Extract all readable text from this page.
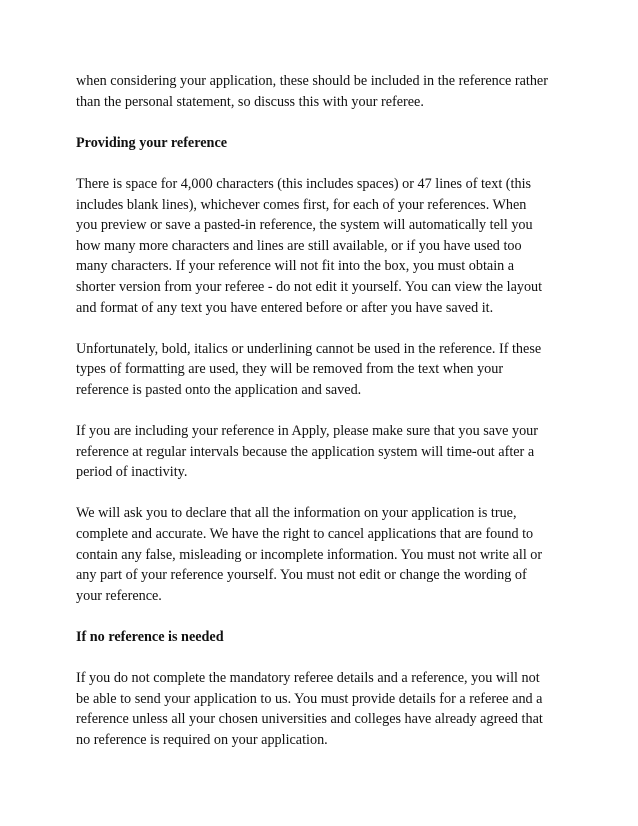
when considering your application, these should be included in the reference rather
than the personal statement, so discuss this with your referee.

Providing your reference

There is space for 4,000 characters (this includes spaces) or 47 lines of text (this
includes blank lines), whichever comes first, for each of your references. When
you preview or save a pasted-in reference, the system will automatically tell you
how many more characters and lines are still available, or if you have used too
many characters. If your reference will not fit into the box, you must obtain a
shorter version from your referee - do not edit it yourself. You can view the layout
and format of any text you have entered before or after you have saved it.

Unfortunately, bold, italics or underlining cannot be used in the reference. If these
types of formatting are used, they will be removed from the text when your
reference is pasted onto the application and saved.

If you are including your reference in Apply, please make sure that you save your
reference at regular intervals because the application system will time-out after a
period of inactivity.

We will ask you to declare that all the information on your application is true,
complete and accurate. We have the right to cancel applications that are found to
contain any false, misleading or incomplete information. You must not write all or
any part of your reference yourself. You must not edit or change the wording of
your reference.

If no reference is needed

If you do not complete the mandatory referee details and a reference, you will not
be able to send your application to us. You must provide details for a referee and a
reference unless all your chosen universities and colleges have already agreed that
no reference is required on your application.
